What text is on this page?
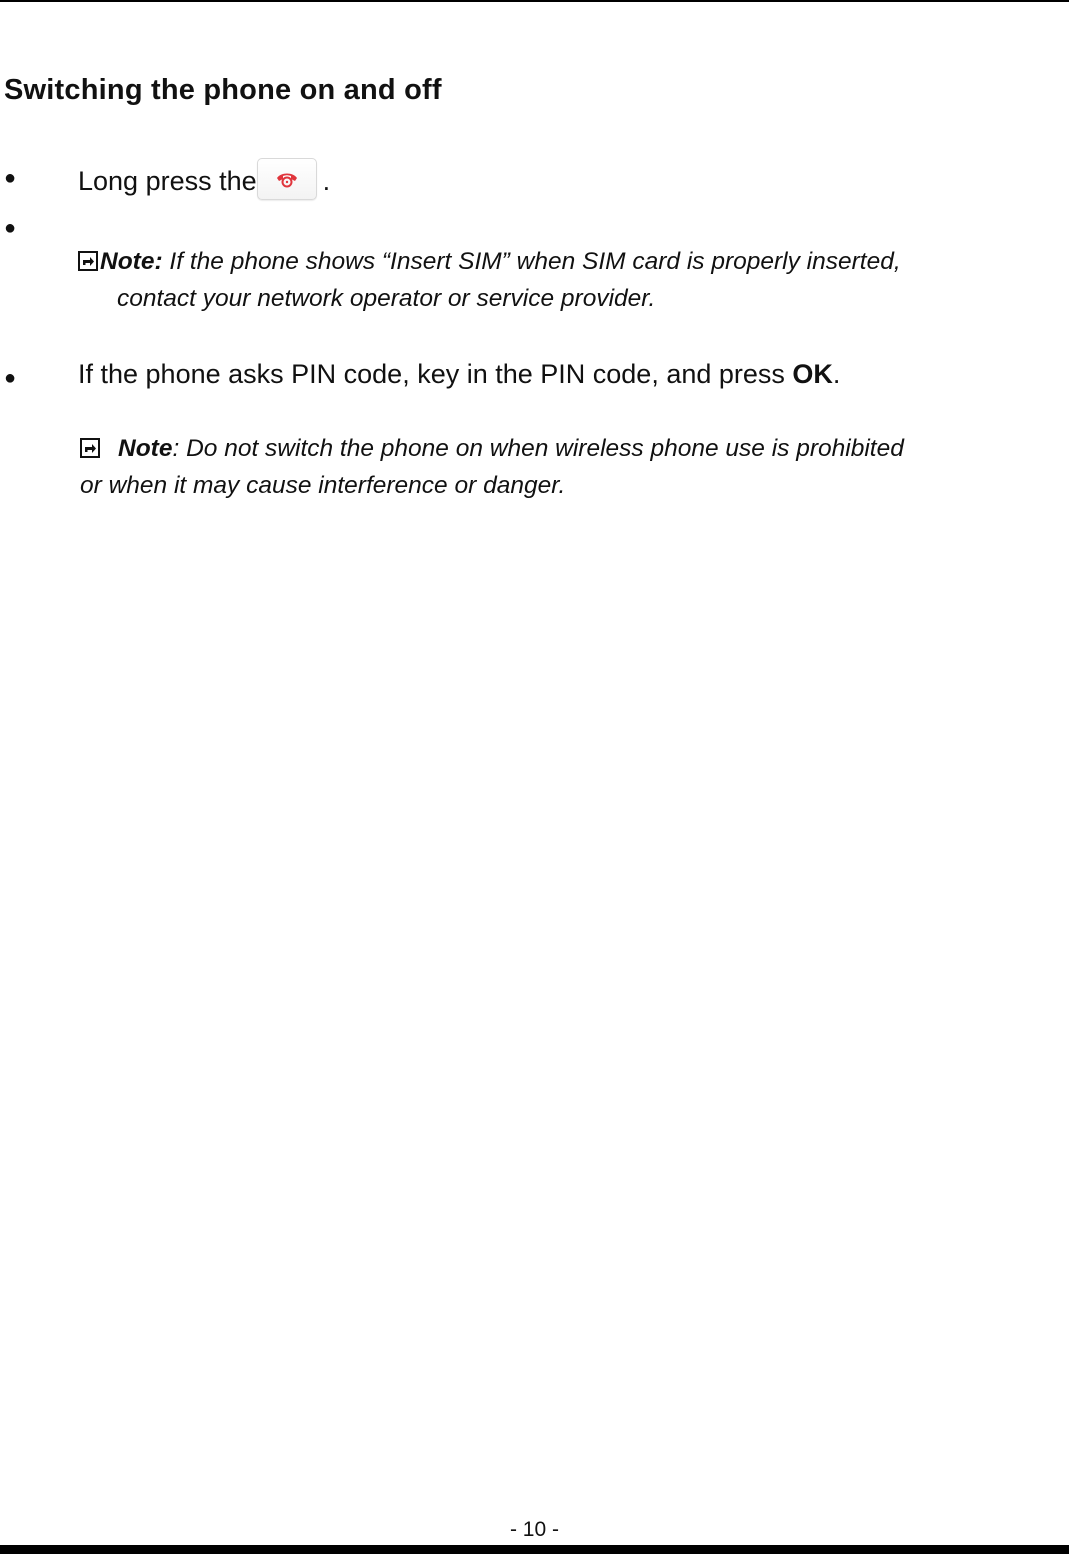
Switching the phone on and off
● Long press the .
●
Note: If the phone shows “Insert SIM” when SIM card is properly inserted,
contact your network operator or service provider.
● If the phone asks PIN code, key in the PIN code, and press OK.
Note: Do not switch the phone on when wireless phone use is prohibited
or when it may cause interference or danger.
- 10 -
